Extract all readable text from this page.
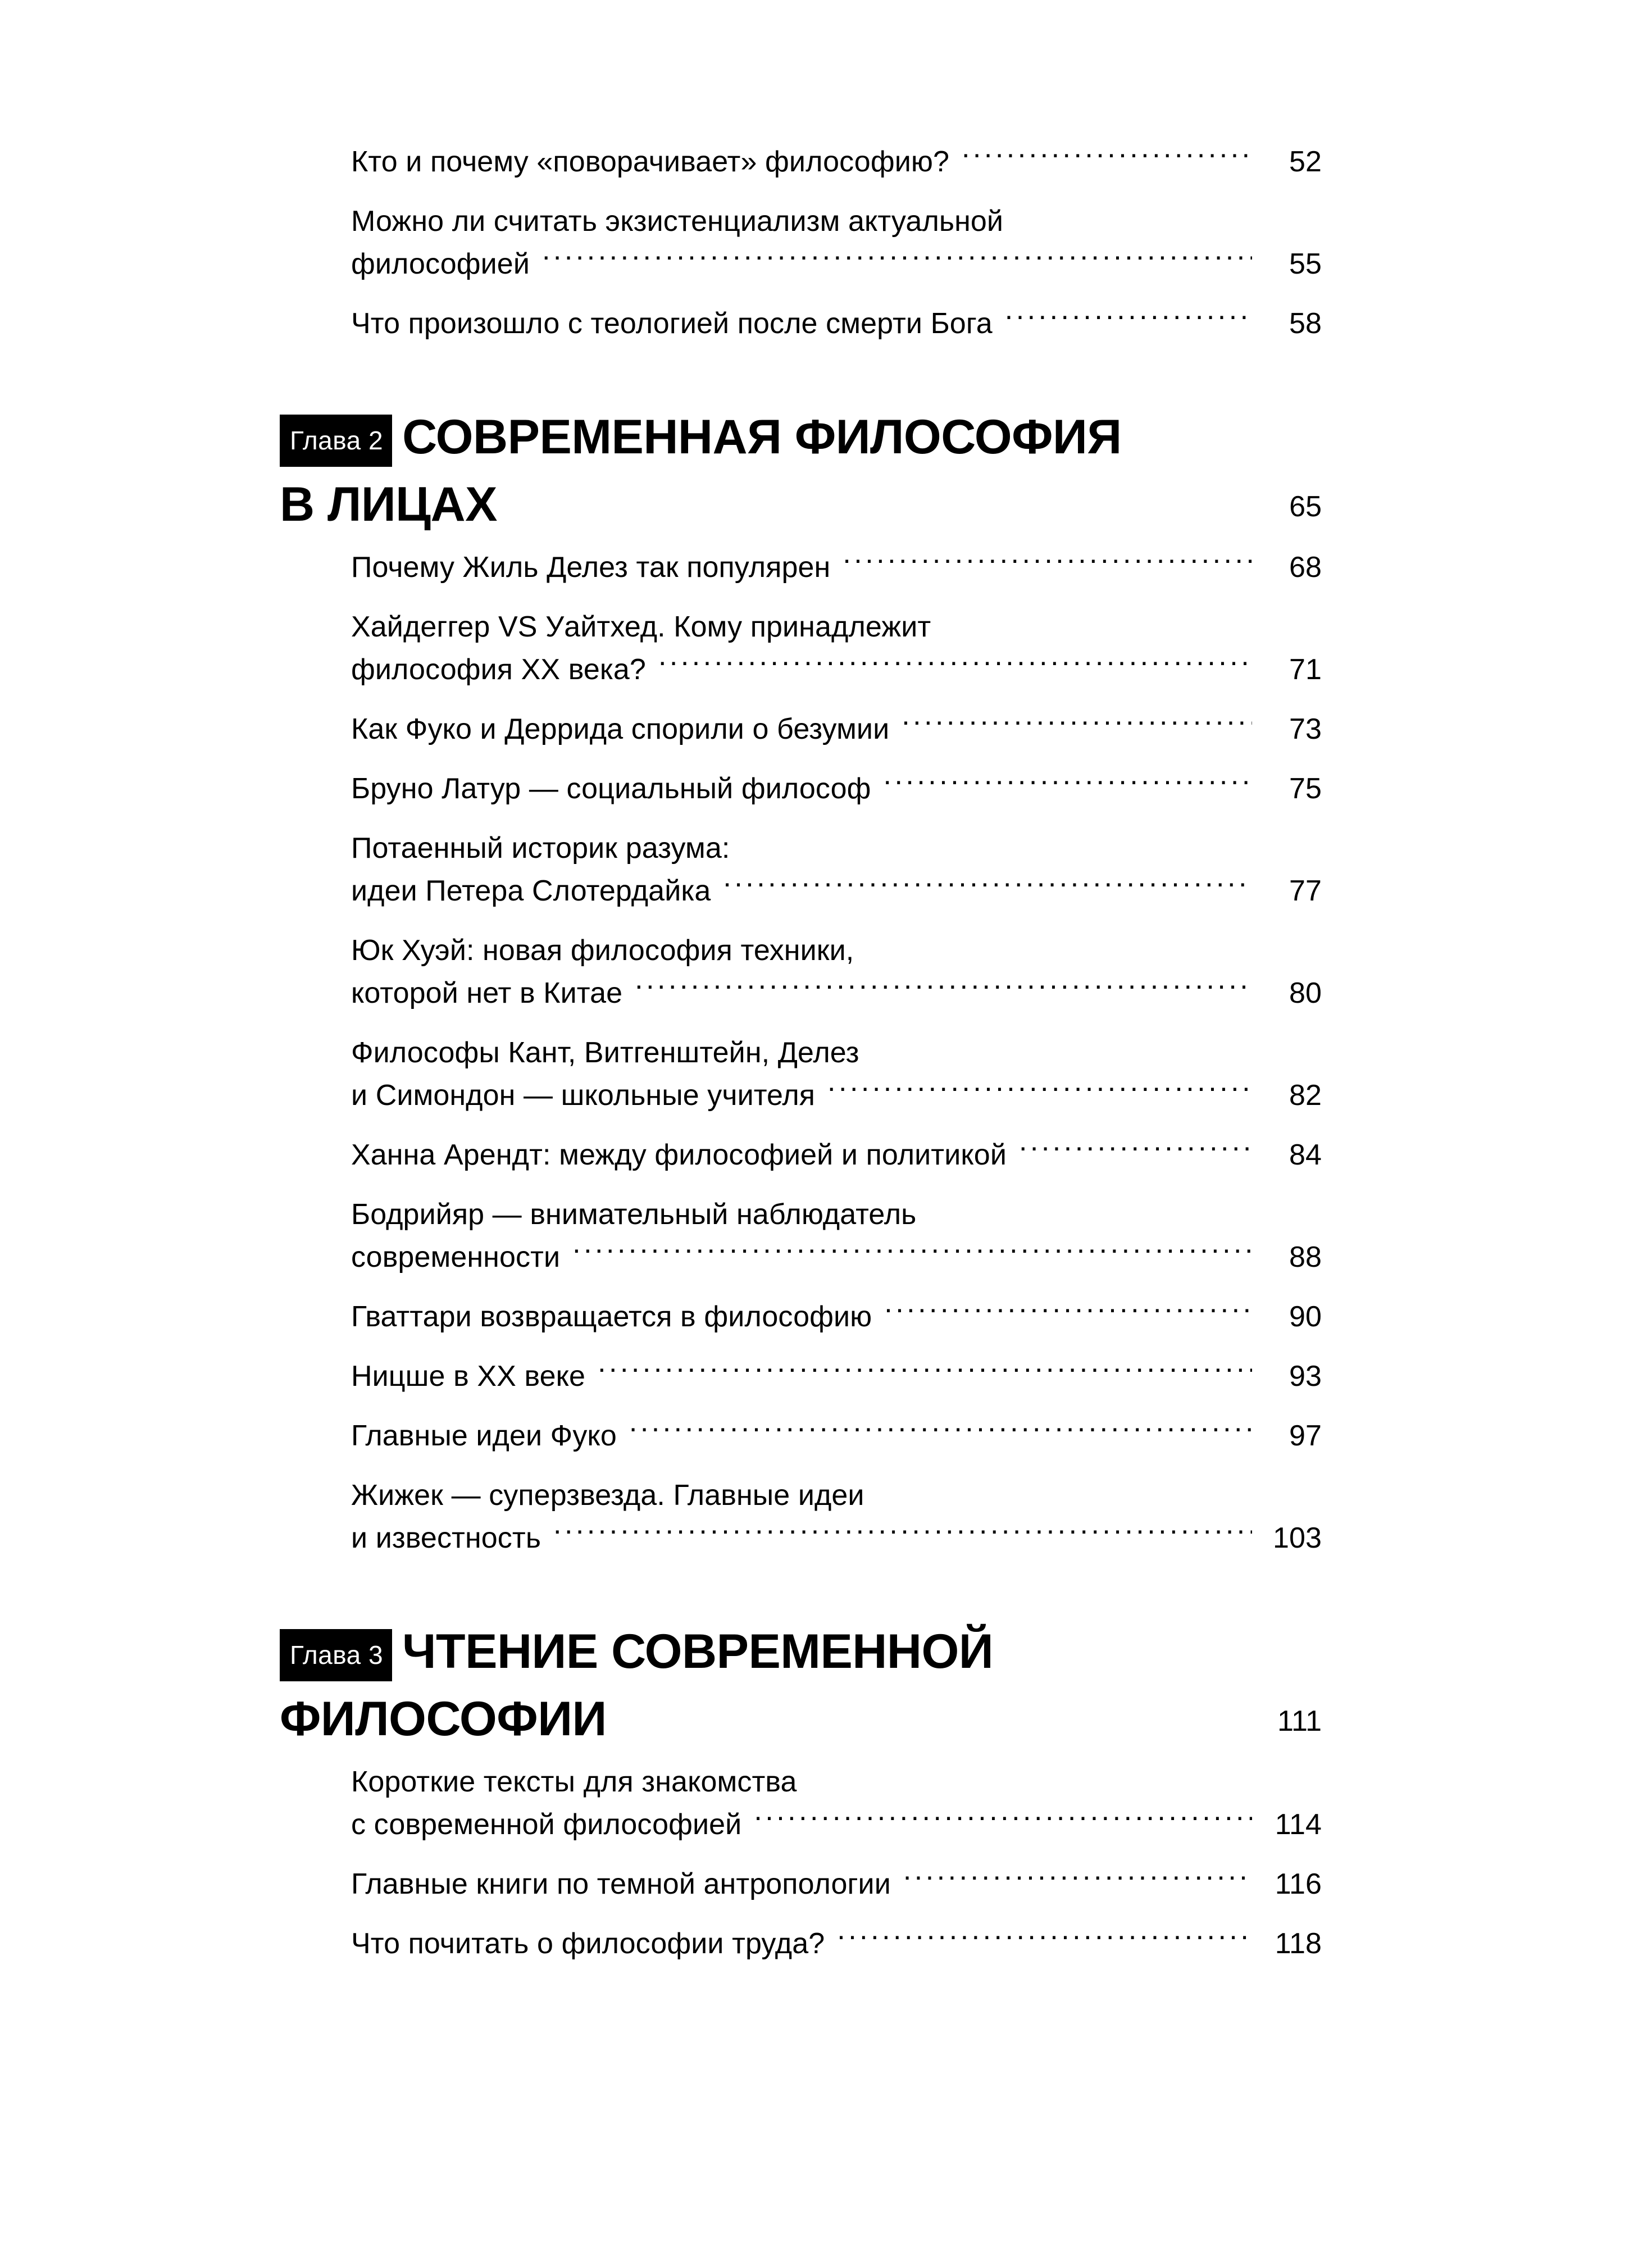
Кто и почему «поворачивает» философию? .....	52
Можно ли считать экзистенциализм актуальной
философией .....	55
Что произошло с теологией после смерти Бога .....	58
Глава 2 СОВРЕМЕННАЯ ФИЛОСОФИЯ
В ЛИЦАХ .....	65
Почему Жиль Делез так популярен .....	68
Хайдеггер VS Уайтхед. Кому принадлежит
философия XX века? .....	71
Как Фуко и Деррида спорили о безумии .....	73
Бруно Латур — социальный философ .....	75
Потаенный историк разума:
идеи Петера Слотердайка .....	77
Юк Хуэй: новая философия техники,
которой нет в Китае .....	80
Философы Кант, Витгенштейн, Делез
и Симондон — школьные учителя .....	82
Ханна Арендт: между философией и политикой .....	84
Бодрийяр — внимательный наблюдатель
современности .....	88
Гваттари возвращается в философию .....	90
Ницше в XX веке .....	93
Главные идеи Фуко .....	97
Жижек — суперзвезда. Главные идеи
и известность .....	103
Глава 3 ЧТЕНИЕ СОВРЕМЕННОЙ
ФИЛОСОФИИ .....	111
Короткие тексты для знакомства
с современной философией .....	114
Главные книги по темной антропологии .....	116
Что почитать о философии труда? .....	118
